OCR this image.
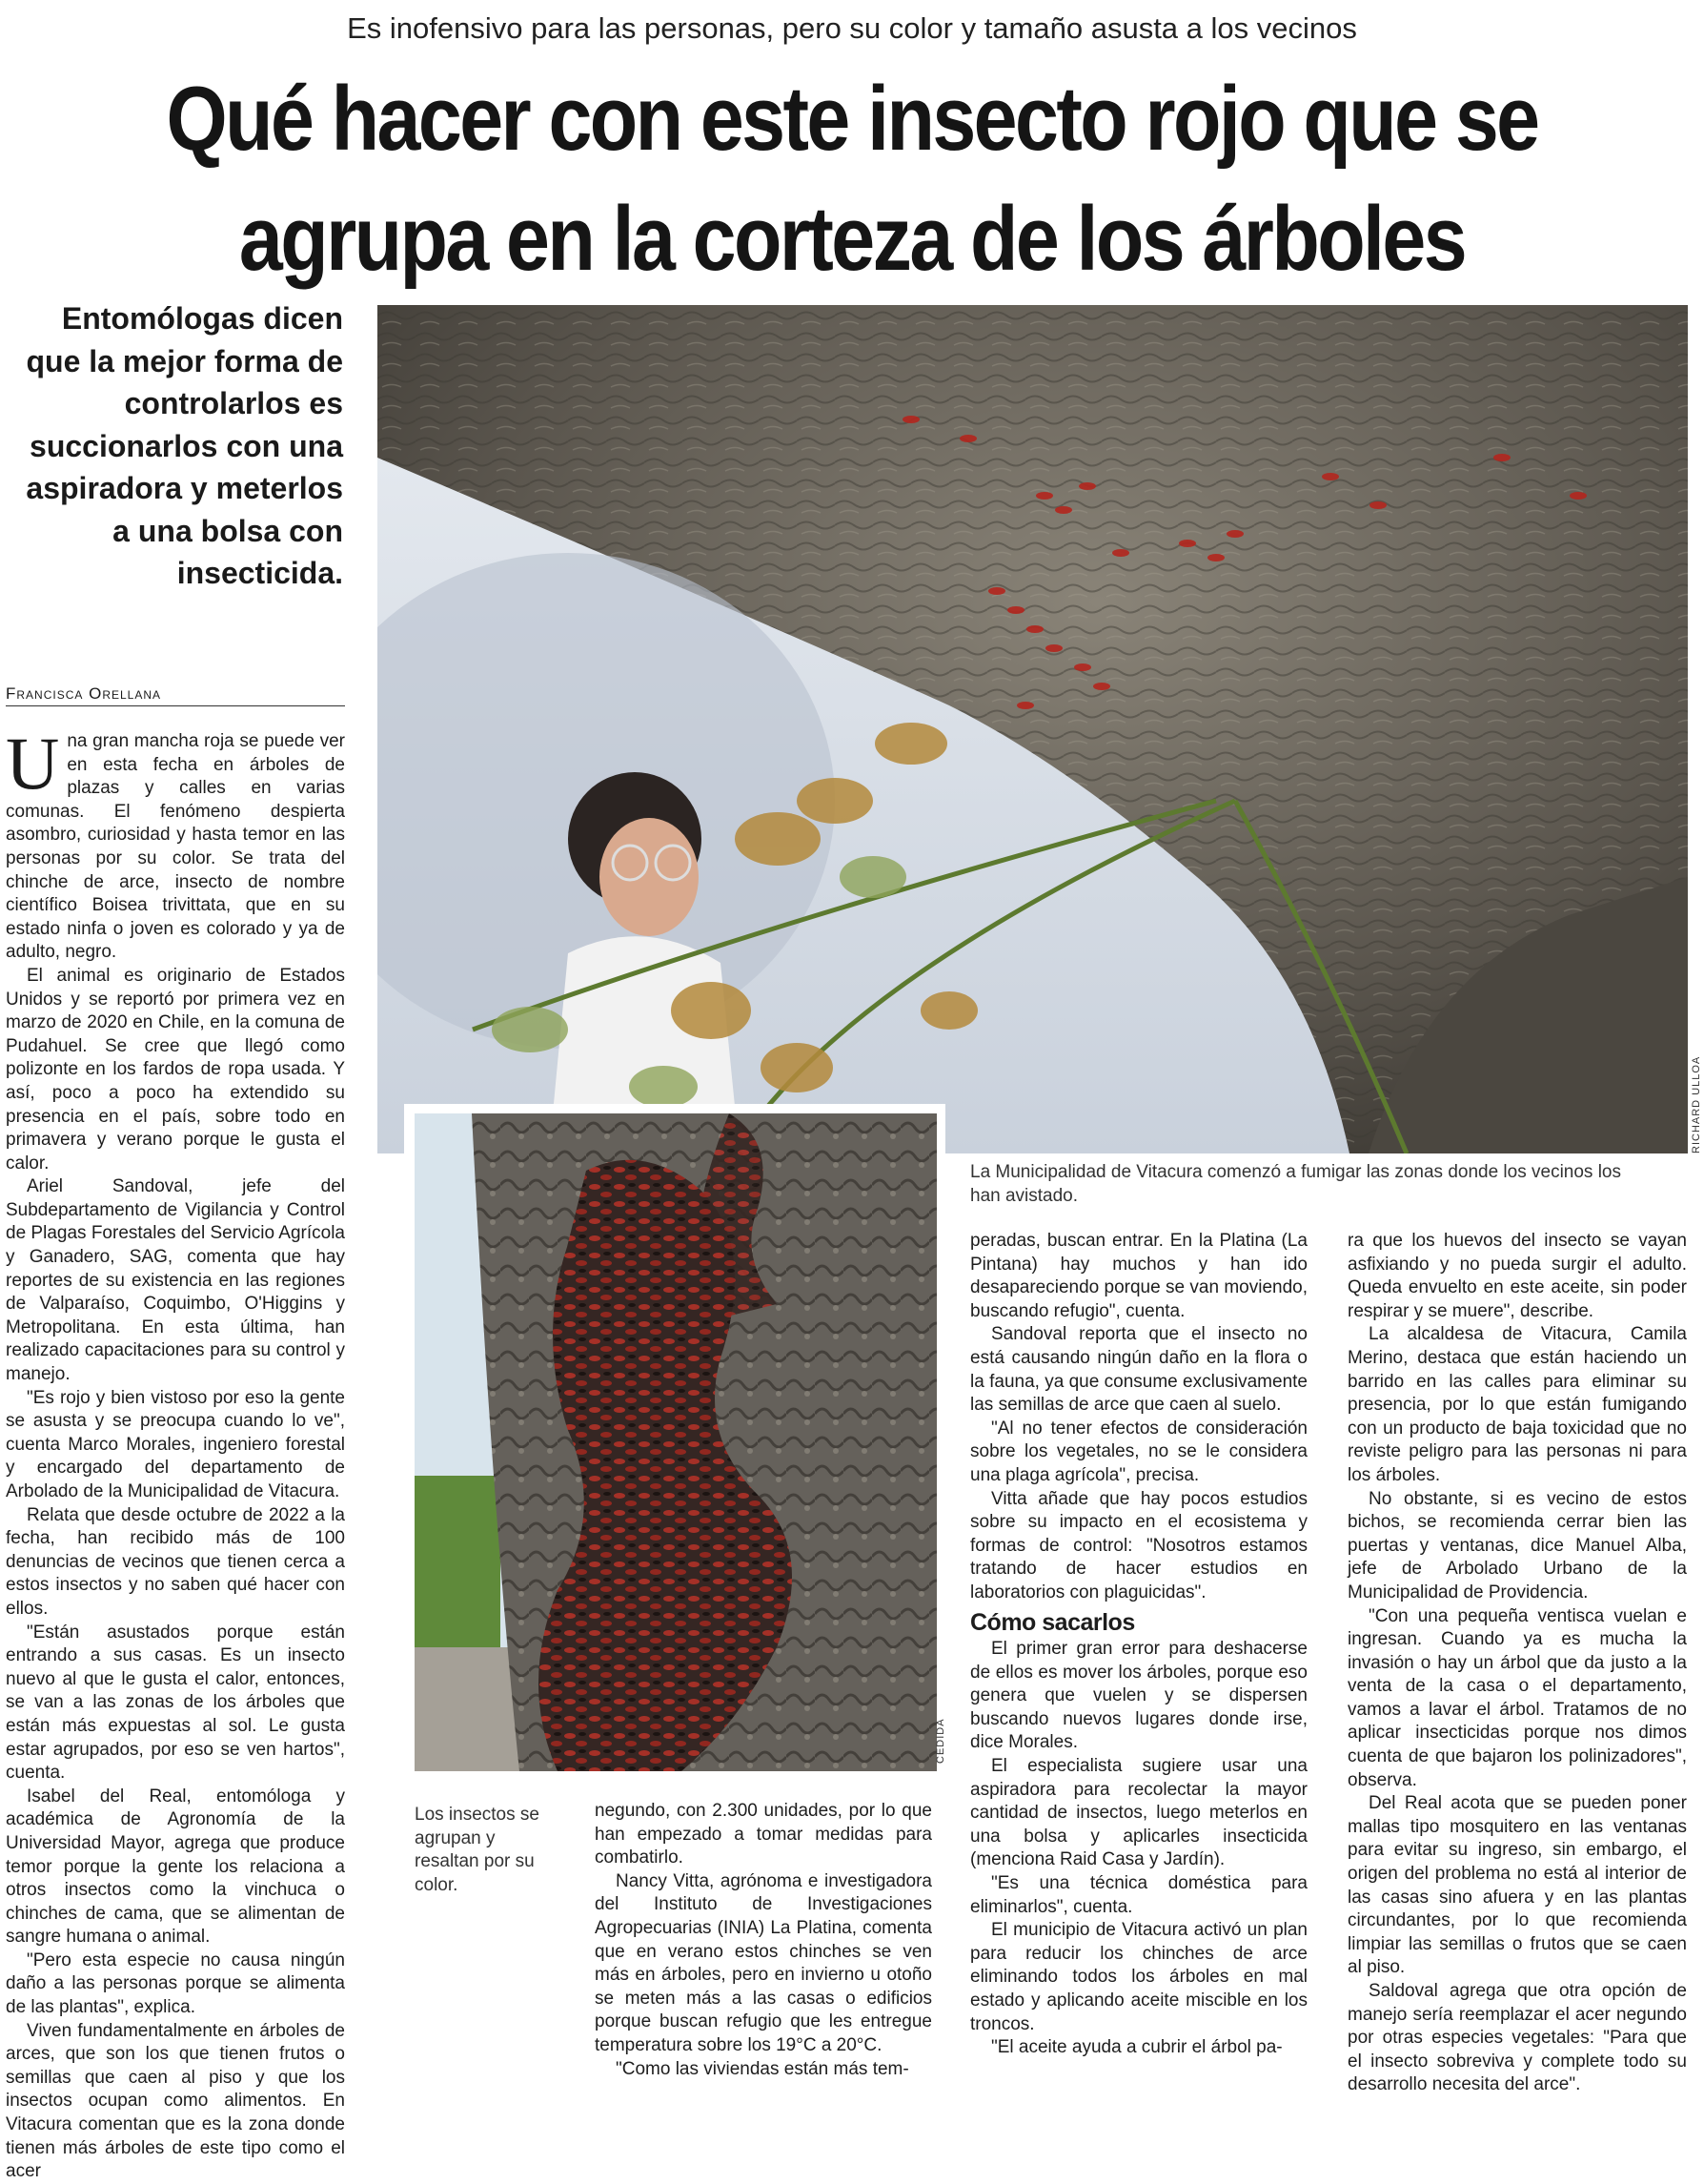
Es inofensivo para las personas, pero su color y tamaño asusta a los vecinos
Qué hacer con este insecto rojo que se
agrupa en la corteza de los árboles
Entomólogas dicen que la mejor forma de controlarlos es succionarlos con una aspiradora y meterlos a una bolsa con insecticida.
Francisca Orellana
RICHARD ULLOA
CEDIDA
La Municipalidad de Vitacura comenzó a fumigar las zonas donde los vecinos los han avistado.
Los insectos se agrupan y resaltan por su color.

Una gran mancha roja se puede ver en esta fecha en árboles de plazas y calles en varias comunas. El fenómeno despierta asombro, curiosidad y hasta temor en las personas por su color. Se trata del chinche de arce, insecto de nombre científico Boisea trivittata, que en su estado ninfa o joven es colorado y ya de adulto, negro.

El animal es originario de Estados Unidos y se reportó por primera vez en marzo de 2020 en Chile, en la comuna de Pudahuel. Se cree que llegó como polizonte en los fardos de ropa usada. Y así, poco a poco ha extendido su presencia en el país, sobre todo en primavera y verano porque le gusta el calor.

Ariel Sandoval, jefe del Subdepartamento de Vigilancia y Control de Plagas Forestales del Servicio Agrícola y Ganadero, SAG, comenta que hay reportes de su existencia en las regiones de Valparaíso, Coquimbo, O'Higgins y Metropolitana. En esta última, han realizado capacitaciones para su control y manejo.

"Es rojo y bien vistoso por eso la gente se asusta y se preocupa cuando lo ve", cuenta Marco Morales, ingeniero forestal y encargado del departamento de Arbolado de la Municipalidad de Vitacura.

Relata que desde octubre de 2022 a la fecha, han recibido más de 100 denuncias de vecinos que tienen cerca a estos insectos y no saben qué hacer con ellos.

"Están asustados porque están entrando a sus casas. Es un insecto nuevo al que le gusta el calor, entonces, se van a las zonas de los árboles que están más expuestas al sol. Le gusta estar agrupados, por eso se ven hartos", cuenta.

Isabel del Real, entomóloga y académica de Agronomía de la Universidad Mayor, agrega que produce temor porque la gente los relaciona a otros insectos como la vinchuca o chinches de cama, que se alimentan de sangre humana o animal.

"Pero esta especie no causa ningún daño a las personas porque se alimenta de las plantas", explica.

Viven fundamentalmente en árboles de arces, que son los que tienen frutos o semillas que caen al piso y que los insectos ocupan como alimentos. En Vitacura comentan que es la zona donde tienen más árboles de este tipo como el acer

negundo, con 2.300 unidades, por lo que han empezado a tomar medidas para combatirlo.

Nancy Vitta, agrónoma e investigadora del Instituto de Investigaciones Agropecuarias (INIA) La Platina, comenta que en verano estos chinches se ven más en árboles, pero en invierno u otoño se meten más a las casas o edificios porque buscan refugio que les entregue temperatura sobre los 19°C a 20°C.

"Como las viviendas están más tem-

peradas, buscan entrar. En la Platina (La Pintana) hay muchos y han ido desapareciendo porque se van moviendo, buscando refugio", cuenta.

Sandoval reporta que el insecto no está causando ningún daño en la flora o la fauna, ya que consume exclusivamente las semillas de arce que caen al suelo.

"Al no tener efectos de consideración sobre los vegetales, no se le considera una plaga agrícola", precisa.

Vitta añade que hay pocos estudios sobre su impacto en el ecosistema y formas de control: "Nosotros estamos tratando de hacer estudios en laboratorios con plaguicidas".

Cómo sacarlos

El primer gran error para deshacerse de ellos es mover los árboles, porque eso genera que vuelen y se dispersen buscando nuevos lugares donde irse, dice Morales.

El especialista sugiere usar una aspiradora para recolectar la mayor cantidad de insectos, luego meterlos en una bolsa y aplicarles insecticida (menciona Raid Casa y Jardín).

"Es una técnica doméstica para eliminarlos", cuenta.

El municipio de Vitacura activó un plan para reducir los chinches de arce eliminando todos los árboles en mal estado y aplicando aceite miscible en los troncos.

"El aceite ayuda a cubrir el árbol pa-

ra que los huevos del insecto se vayan asfixiando y no pueda surgir el adulto. Queda envuelto en este aceite, sin poder respirar y se muere", describe.

La alcaldesa de Vitacura, Camila Merino, destaca que están haciendo un barrido en las calles para eliminar su presencia, por lo que están fumigando con un producto de baja toxicidad que no reviste peligro para las personas ni para los árboles.

No obstante, si es vecino de estos bichos, se recomienda cerrar bien las puertas y ventanas, dice Manuel Alba, jefe de Arbolado Urbano de la Municipalidad de Providencia.

"Con una pequeña ventisca vuelan e ingresan. Cuando ya es mucha la invasión o hay un árbol que da justo a la venta de la casa o el departamento, vamos a lavar el árbol. Tratamos de no aplicar insecticidas porque nos dimos cuenta de que bajaron los polinizadores", observa.

Del Real acota que se pueden poner mallas tipo mosquitero en las ventanas para evitar su ingreso, sin embargo, el origen del problema no está al interior de las casas sino afuera y en las plantas circundantes, por lo que recomienda limpiar las semillas o frutos que se caen al piso.

Saldoval agrega que otra opción de manejo sería reemplazar el acer negundo por otras especies vegetales: "Para que el insecto sobreviva y complete todo su desarrollo necesita del arce".
